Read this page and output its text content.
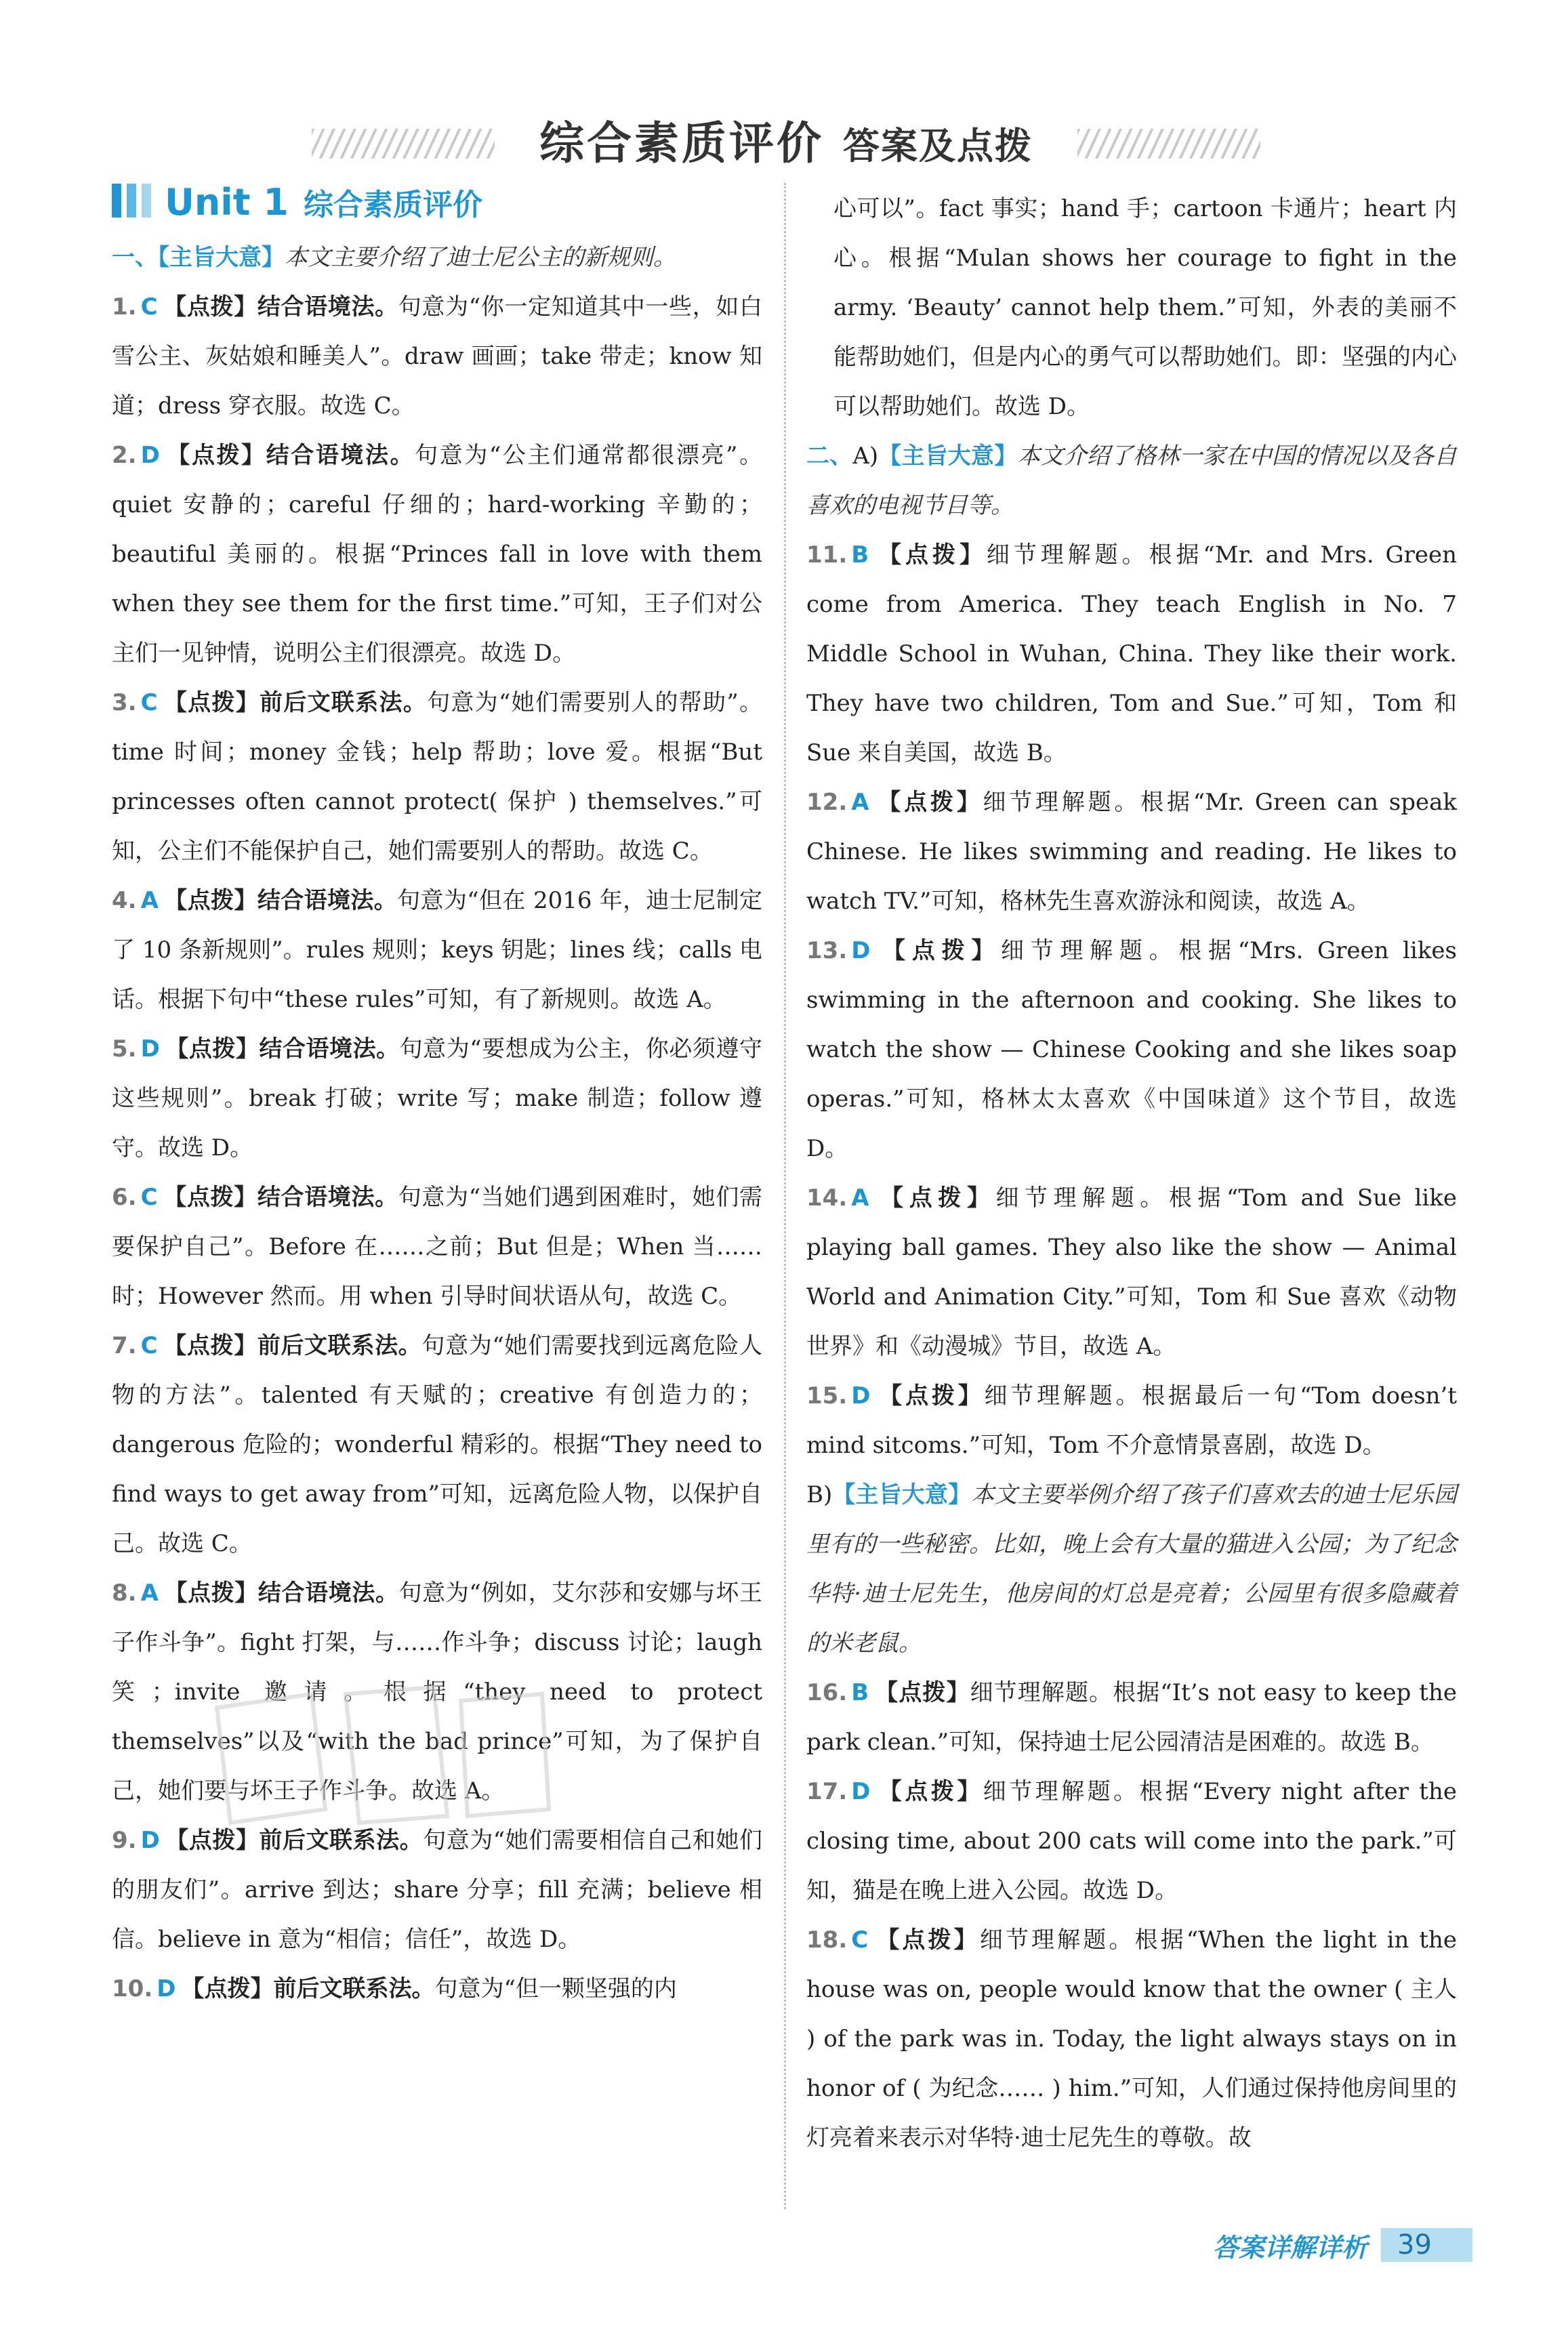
综合素质评价 答案及点拨
Unit 1 综合素质评价
一、【主旨大意】本文主要介绍了迪士尼公主的新规则。
1. C 【点拨】结合语境法。句意为“你一定知道其中一些，如白雪公主、灰姑娘和睡美人”。draw 画画；take 带走；know 知道；dress 穿衣服。故选 C。
2. D 【点拨】结合语境法。句意为“公主们通常都很漂亮”。quiet 安静的；careful 仔细的；hard-working 辛勤的；beautiful 美丽的。根据“Princes fall in love with them when they see them for the first time.”可知，王子们对公主们一见钟情，说明公主们很漂亮。故选 D。
3. C 【点拨】前后文联系法。句意为“她们需要别人的帮助”。time 时间；money 金钱；help 帮助；love 爱。根据“But princesses often cannot protect( 保护 ) themselves.”可知，公主们不能保护自己，她们需要别人的帮助。故选 C。
4. A 【点拨】结合语境法。句意为“但在 2016 年，迪士尼制定了 10 条新规则”。rules 规则；keys 钥匙；lines 线；calls 电话。根据下句中“these rules”可知，有了新规则。故选 A。
5. D 【点拨】结合语境法。句意为“要想成为公主，你必须遵守这些规则”。break 打破；write 写；make 制造；follow 遵守。故选 D。
6. C 【点拨】结合语境法。句意为“当她们遇到困难时，她们需要保护自己”。Before 在……之前；But 但是；When 当……时；However 然而。用 when 引导时间状语从句，故选 C。
7. C 【点拨】前后文联系法。句意为“她们需要找到远离危险人物的方法”。talented 有天赋的；creative 有创造力的；dangerous 危险的；wonderful 精彩的。根据“They need to find ways to get away from”可知，远离危险人物，以保护自己。故选 C。
8. A 【点拨】结合语境法。句意为“例如，艾尔莎和安娜与坏王子作斗争”。fight 打架，与……作斗争；discuss 讨论；laugh 笑；invite 邀请。根据“they need to protect themselves”以及“with the bad prince”可知，为了保护自己，她们要与坏王子作斗争。故选 A。
9. D 【点拨】前后文联系法。句意为“她们需要相信自己和她们的朋友们”。arrive 到达；share 分享；fill 充满；believe 相信。believe in 意为“相信；信任”，故选 D。
10. D 【点拨】前后文联系法。句意为“但一颗坚强的内
心可以”。fact 事实；hand 手；cartoon 卡通片；heart 内心。根据“Mulan shows her courage to fight in the army. ‘Beauty’ cannot help them.”可知，外表的美丽不能帮助她们，但是内心的勇气可以帮助她们。即：坚强的内心可以帮助她们。故选 D。
二、A)【主旨大意】本文介绍了格林一家在中国的情况以及各自喜欢的电视节目等。
11. B 【点拨】细节理解题。根据“Mr. and Mrs. Green come from America. They teach English in No. 7 Middle School in Wuhan, China. They like their work. They have two children, Tom and Sue.”可知，Tom 和 Sue 来自美国，故选 B。
12. A 【点拨】细节理解题。根据“Mr. Green can speak Chinese. He likes swimming and reading. He likes to watch TV.”可知，格林先生喜欢游泳和阅读，故选 A。
13. D 【点拨】细节理解题。根据“Mrs. Green likes swimming in the afternoon and cooking. She likes to watch the show — Chinese Cooking and she likes soap operas.”可知，格林太太喜欢《中国味道》这个节目，故选 D。
14. A 【点拨】细节理解题。根据“Tom and Sue like playing ball games. They also like the show — Animal World and Animation City.”可知，Tom 和 Sue 喜欢《动物世界》和《动漫城》节目，故选 A。
15. D 【点拨】细节理解题。根据最后一句“Tom doesn’t mind sitcoms.”可知，Tom 不介意情景喜剧，故选 D。
B)【主旨大意】本文主要举例介绍了孩子们喜欢去的迪士尼乐园里有的一些秘密。比如，晚上会有大量的猫进入公园；为了纪念华特·迪士尼先生，他房间的灯总是亮着；公园里有很多隐藏着的米老鼠。
16. B 【点拨】细节理解题。根据“It’s not easy to keep the park clean.”可知，保持迪士尼公园清洁是困难的。故选 B。
17. D 【点拨】细节理解题。根据“Every night after the closing time, about 200 cats will come into the park.”可知，猫是在晚上进入公园。故选 D。
18. C 【点拨】细节理解题。根据“When the light in the house was on, people would know that the owner ( 主人 ) of the park was in. Today, the light always stays on in honor of ( 为纪念…… ) him.”可知，人们通过保持他房间里的灯亮着来表示对华特·迪士尼先生的尊敬。故
答案详解详析	39
